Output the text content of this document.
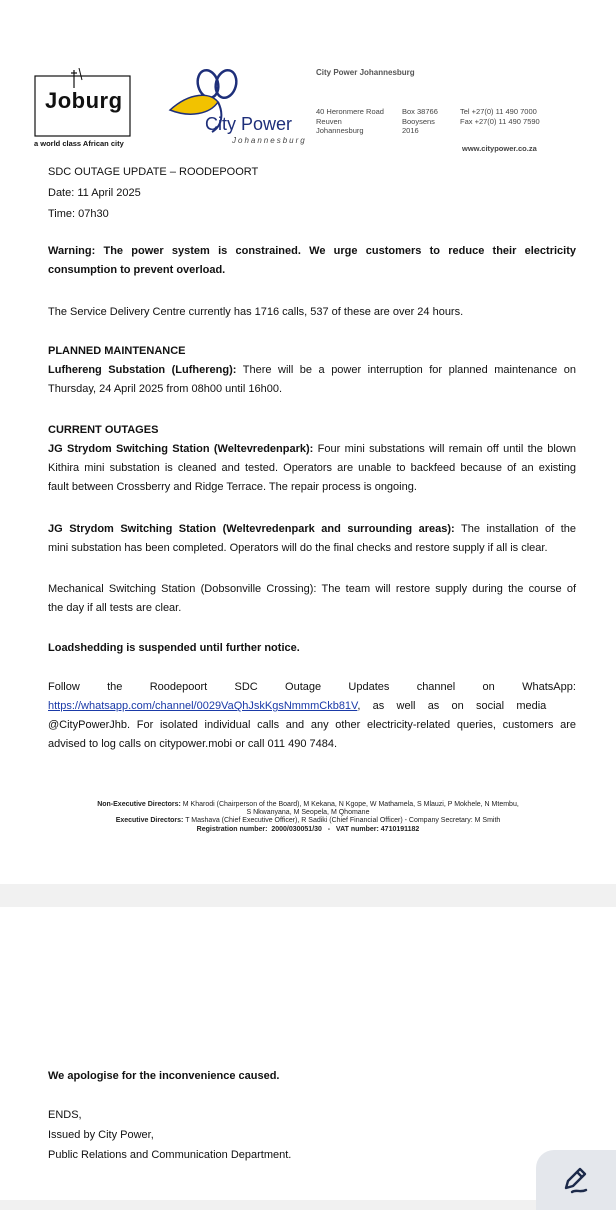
Joburg
a world class African city
City Power
Johannesburg
City Power Johannesburg
40 Heronmere Road
Reuven
Johannesburg
Box 38766
Booysens
2016
Tel +27(0) 11 490 7000
Fax +27(0) 11 490 7590
www.citypower.co.za
SDC OUTAGE UPDATE – ROODEPOORT
Date: 11 April 2025
Time: 07h30
Warning: The power system is constrained. We urge customers to reduce their electricity
consumption to prevent overload.
The Service Delivery Centre currently has 1716 calls, 537 of these are over 24 hours.
PLANNED MAINTENANCE
Lufhereng Substation (Lufhereng): There will be a power interruption for planned maintenance on
Thursday, 24 April 2025 from 08h00 until 16h00.
CURRENT OUTAGES
JG Strydom Switching Station (Weltevredenpark): Four mini substations will remain off until the blown
Kithira mini substation is cleaned and tested. Operators are unable to backfeed because of an existing
fault between Crossberry and Ridge Terrace. The repair process is ongoing.
JG Strydom Switching Station (Weltevredenpark and surrounding areas): The installation of the
mini substation has been completed. Operators will do the final checks and restore supply if all is clear.
Mechanical Switching Station (Dobsonville Crossing): The team will restore supply during the course of
the day if all tests are clear.
Loadshedding is suspended until further notice.
Follow the Roodepoort SDC Outage Updates channel on WhatsApp:
https://whatsapp.com/channel/0029VaQhJskKgsNmmmCkb81V,    as    well    as    on    social    media
@CityPowerJhb. For isolated individual calls and any other electricity-related queries, customers are
advised to log calls on citypower.mobi or call 011 490 7484.
Non-Executive Directors: M Kharodi (Chairperson of the Board), M Kekana, N Kgope, W Mathamela, S Mlauzi, P Mokhele, N Mtembu,
S Nkwanyana, M Seopela, M Qhomane
Executive Directors: T Mashava (Chief Executive Officer), R Sadiki (Chief Financial Officer) - Company Secretary: M Smith
Registration number:  2000/030051/30   -   VAT number: 4710191182
We apologise for the inconvenience caused.
ENDS,
Issued by City Power,
Public Relations and Communication Department.
